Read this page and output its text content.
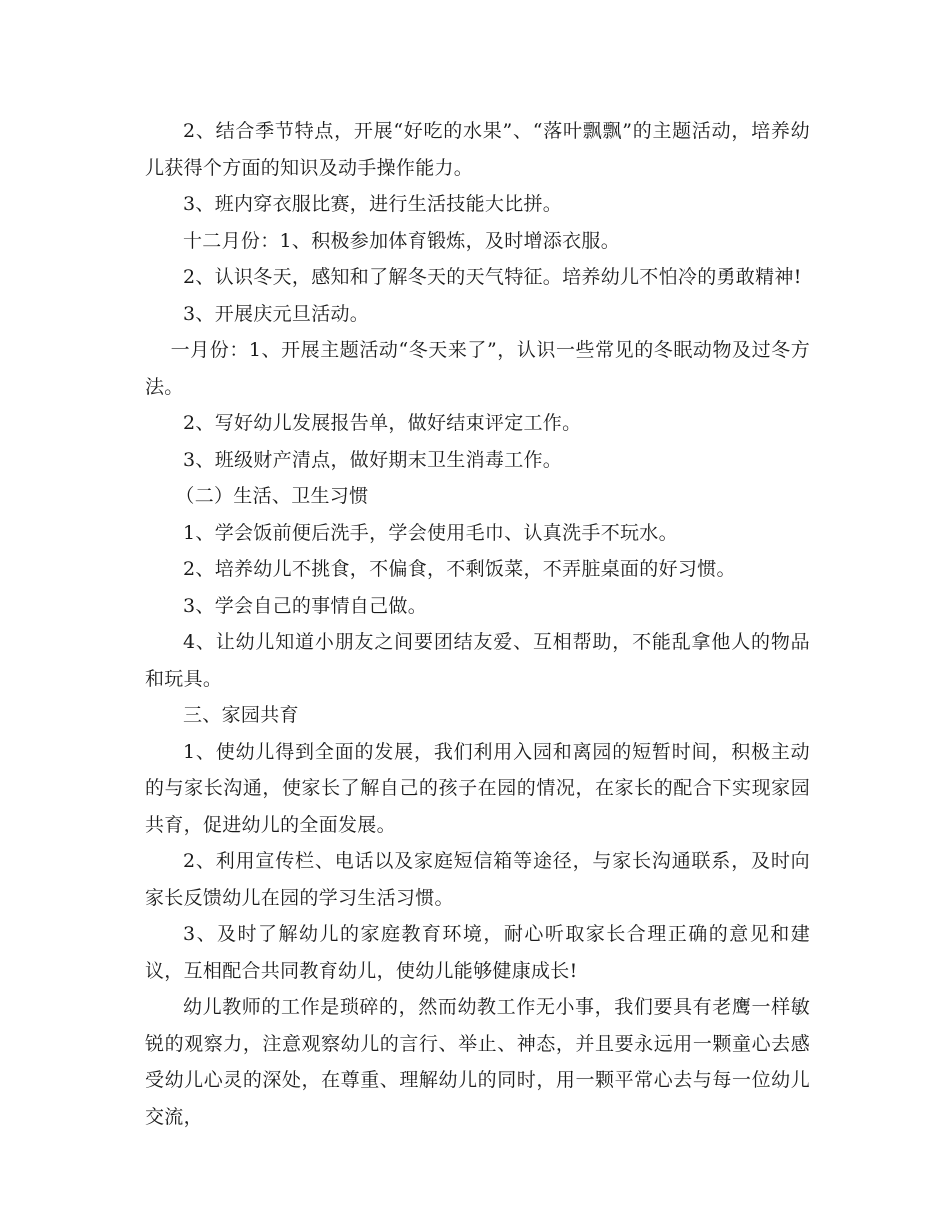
2、结合季节特点，开展“好吃的水果”、“落叶飘飘”的主题活动，培养幼儿获得个方面的知识及动手操作能力。

3、班内穿衣服比赛，进行生活技能大比拼。

十二月份：1、积极参加体育锻炼，及时增添衣服。

2、认识冬天，感知和了解冬天的天气特征。培养幼儿不怕冷的勇敢精神!

3、开展庆元旦活动。

一月份：1、开展主题活动“冬天来了”，认识一些常见的冬眠动物及过冬方法。

2、写好幼儿发展报告单，做好结束评定工作。

3、班级财产清点，做好期末卫生消毒工作。

（二）生活、卫生习惯

1、学会饭前便后洗手，学会使用毛巾、认真洗手不玩水。

2、培养幼儿不挑食，不偏食，不剩饭菜，不弄脏桌面的好习惯。

3、学会自己的事情自己做。

4、让幼儿知道小朋友之间要团结友爱、互相帮助，不能乱拿他人的物品和玩具。

三、家园共育

1、使幼儿得到全面的发展，我们利用入园和离园的短暂时间，积极主动的与家长沟通，使家长了解自己的孩子在园的情况，在家长的配合下实现家园共育，促进幼儿的全面发展。

2、利用宣传栏、电话以及家庭短信箱等途径，与家长沟通联系，及时向家长反馈幼儿在园的学习生活习惯。

3、及时了解幼儿的家庭教育环境，耐心听取家长合理正确的意见和建议，互相配合共同教育幼儿，使幼儿能够健康成长!

幼儿教师的工作是琐碎的，然而幼教工作无小事，我们要具有老鹰一样敏锐的观察力，注意观察幼儿的言行、举止、神态，并且要永远用一颗童心去感受幼儿心灵的深处，在尊重、理解幼儿的同时，用一颗平常心去与每一位幼儿交流，
